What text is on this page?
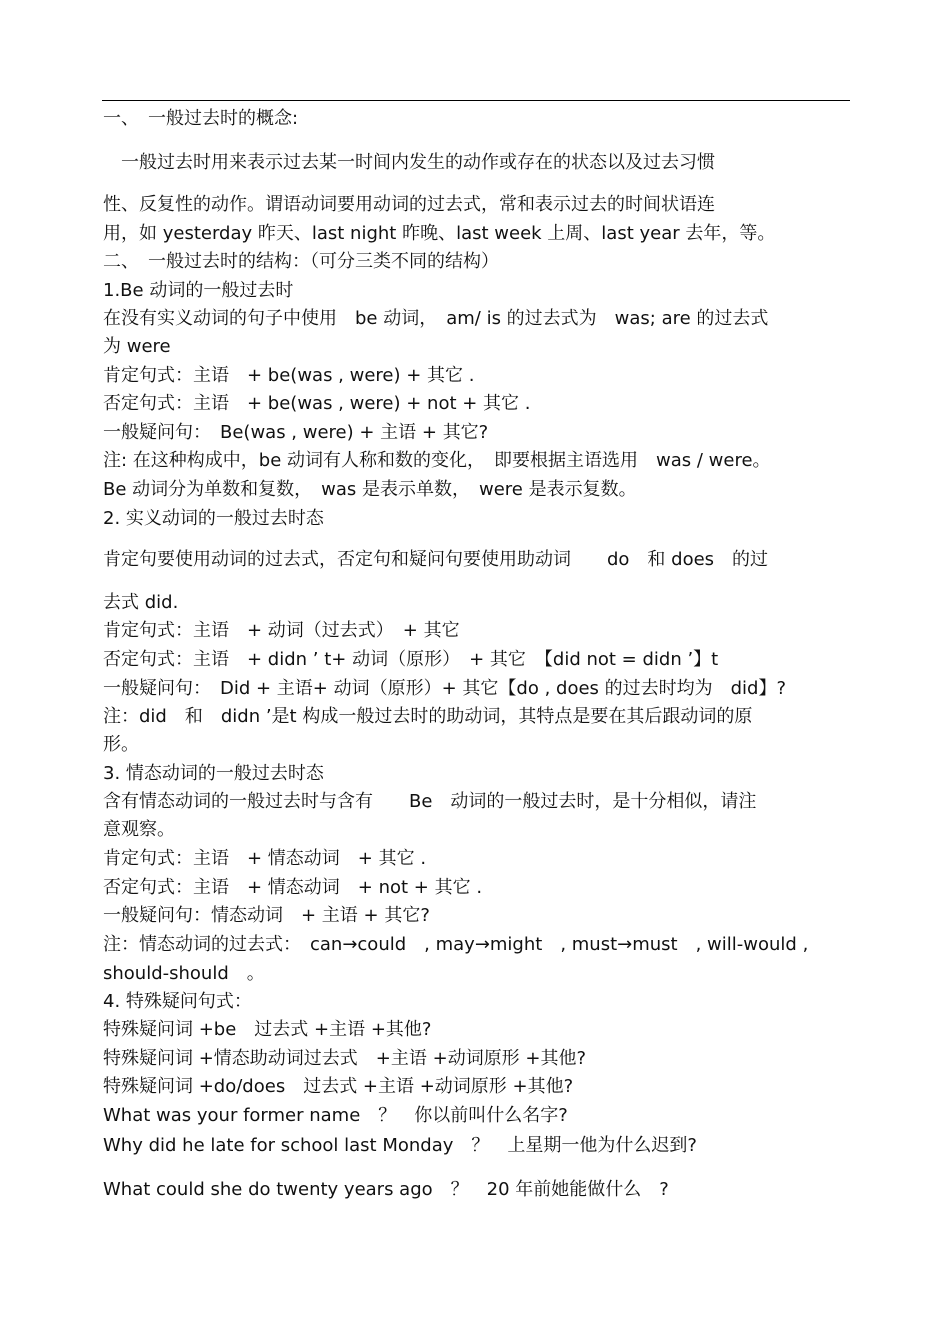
一、　一般过去时的概念:
　一般过去时用来表示过去某一时间内发生的动作或存在的状态以及过去习惯
性、反复性的动作。谓语动词要用动词的过去式，常和表示过去的时间状语连
用，如 yesterday 昨天、last night 昨晚、last week 上周、last year 去年，等。
二、　一般过去时的结构：（可分三类不同的结构）
1.Be 动词的一般过去时
在没有实义动词的句子中使用　be 动词，　am/ is 的过去式为　was; are 的过去式
为 were
肯定句式：主语　+ be(was , were) + 其它 .
否定句式：主语　+ be(was , were) + not + 其它 .
一般疑问句：　Be(was , were) + 主语 + 其它?
注: 在这种构成中，be 动词有人称和数的变化，　即要根据主语选用　was / were。
Be 动词分为单数和复数，　was 是表示单数，　were 是表示复数。
2. 实义动词的一般过去时态
肯定句要使用动词的过去式，否定句和疑问句要使用助动词　　do　和 does　的过
去式 did.
肯定句式：主语　+ 动词（过去式）　+ 其它
否定句式：主语　+ didn ’ t+ 动词（原形）　+ 其它　【did not = didn ’】t
一般疑问句：　Did + 主语+ 动词（原形）+ 其它【do , does 的过去时均为　did】?
注：did　和　didn ’是t 构成一般过去时的助动词，其特点是要在其后跟动词的原
形。
3. 情态动词的一般过去时态
含有情态动词的一般过去时与含有　　Be　动词的一般过去时，是十分相似，请注
意观察。
肯定句式：主语　+ 情态动词　+ 其它 .
否定句式：主语　+ 情态动词　+ not + 其它 .
一般疑问句：情态动词　+ 主语 + 其它?
注：情态动词的过去式：　can→could　, may→might　, must→must　, will-would ,
should-should　。
4. 特殊疑问句式：
特殊疑问词 +be　过去式 +主语 +其他?
特殊疑问词 +情态助动词过去式　+主语 +动词原形 +其他?
特殊疑问词 +do/does　过去式 +主语 +动词原形 +其他?
What was your former name　？　你以前叫什么名字?
Why did he late for school last Monday　？　上星期一他为什么迟到?
What could she do twenty years ago　？　20 年前她能做什么　?
